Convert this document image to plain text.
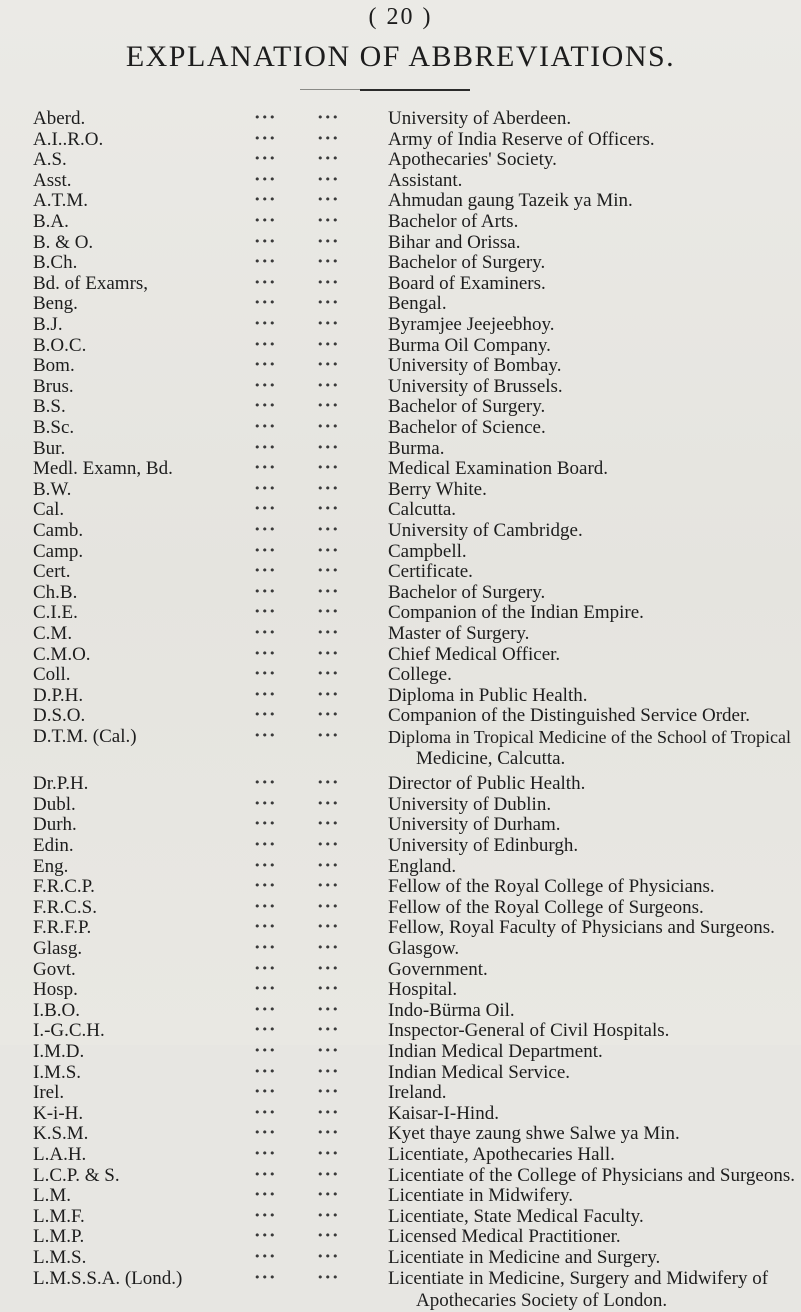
( 20 )
EXPLANATION OF ABBREVIATIONS.
Aberd.	•••	•••	University of Aberdeen.
A.I..R.O.	•••	•••	Army of India Reserve of Officers.
A.S.	•••	•••	Apothecaries' Society.
Asst.	•••	•••	Assistant.
A.T.M.	•••	•••	Ahmudan gaung Tazeik ya Min.
B.A.	•••	•••	Bachelor of Arts.
B. & O.	•••	•••	Bihar and Orissa.
B.Ch.	•••	•••	Bachelor of Surgery.
Bd. of Examrs,	•••	•••	Board of Examiners.
Beng.	•••	•••	Bengal.
B.J.	•••	•••	Byramjee Jeejeebhoy.
B.O.C.	•••	•••	Burma Oil Company.
Bom.	•••	•••	University of Bombay.
Brus.	•••	•••	University of Brussels.
B.S.	•••	•••	Bachelor of Surgery.
B.Sc.	•••	•••	Bachelor of Science.
Bur.	•••	•••	Burma.
Medl. Examn, Bd.	•••	•••	Medical Examination Board.
B.W.	•••	•••	Berry White.
Cal.	•••	•••	Calcutta.
Camb.	•••	•••	University of Cambridge.
Camp.	•••	•••	Campbell.
Cert.	•••	•••	Certificate.
Ch.B.	•••	•••	Bachelor of Surgery.
C.I.E.	•••	•••	Companion of the Indian Empire.
C.M.	•••	•••	Master of Surgery.
C.M.O.	•••	•••	Chief Medical Officer.
Coll.	•••	•••	College.
D.P.H.	•••	•••	Diploma in Public Health.
D.S.O.	•••	•••	Companion of the Distinguished Service Order.
D.T.M. (Cal.)	•••	•••	Diploma in Tropical Medicine of the School of Tropical
Medicine, Calcutta.
Dr.P.H.	•••	•••	Director of Public Health.
Dubl.	•••	•••	University of Dublin.
Durh.	•••	•••	University of Durham.
Edin.	•••	•••	University of Edinburgh.
Eng.	•••	•••	England.
F.R.C.P.	•••	•••	Fellow of the Royal College of Physicians.
F.R.C.S.	•••	•••	Fellow of the Royal College of Surgeons.
F.R.F.P.	•••	•••	Fellow, Royal Faculty of Physicians and Surgeons.
Glasg.	•••	•••	Glasgow.
Govt.	•••	•••	Government.
Hosp.	•••	•••	Hospital.
I.B.O.	•••	•••	Indo-Bürma Oil.
I.-G.C.H.	•••	•••	Inspector-General of Civil Hospitals.
I.M.D.	•••	•••	Indian Medical Department.
I.M.S.	•••	•••	Indian Medical Service.
Irel.	•••	•••	Ireland.
K-i-H.	•••	•••	Kaisar-I-Hind.
K.S.M.	•••	•••	Kyet thaye zaung shwe Salwe ya Min.
L.A.H.	•••	•••	Licentiate, Apothecaries Hall.
L.C.P. & S.	•••	•••	Licentiate of the College of Physicians and Surgeons.
L.M.	•••	•••	Licentiate in Midwifery.
L.M.F.	•••	•••	Licentiate, State Medical Faculty.
L.M.P.	•••	•••	Licensed Medical Practitioner.
L.M.S.	•••	•••	Licentiate in Medicine and Surgery.
L.M.S.S.A. (Lond.)	•••	•••	Licentiate in Medicine, Surgery and Midwifery of
Apothecaries Society of London.
